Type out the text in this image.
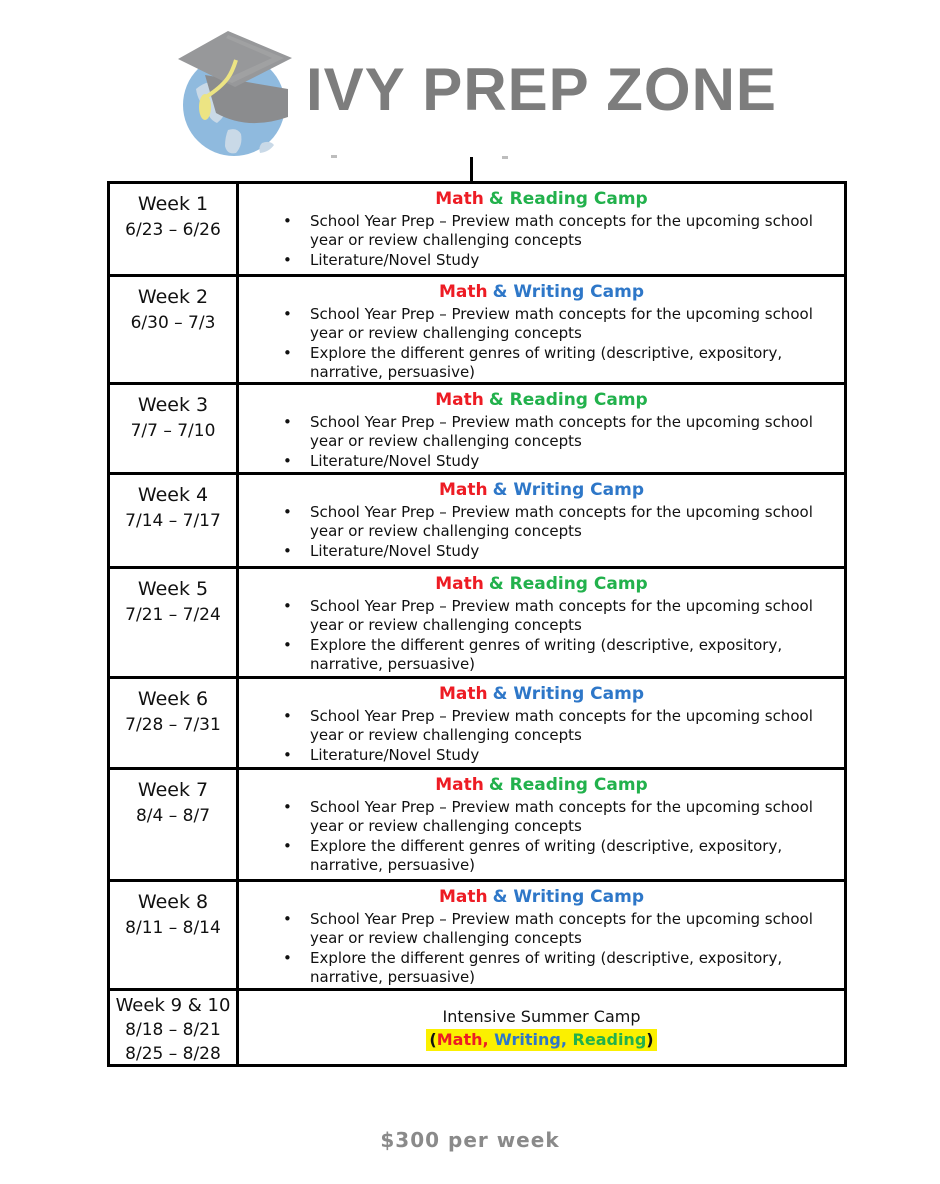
IVY PREP ZONE
Week 1
6/23 – 6/26
Math & Reading Camp
• School Year Prep – Preview math concepts for the upcoming school year or review challenging concepts
• Literature/Novel Study
Week 2
6/30 – 7/3
Math & Writing Camp
• School Year Prep – Preview math concepts for the upcoming school year or review challenging concepts
• Explore the different genres of writing (descriptive, expository, narrative, persuasive)
Week 3
7/7 – 7/10
Math & Reading Camp
• School Year Prep – Preview math concepts for the upcoming school year or review challenging concepts
• Literature/Novel Study
Week 4
7/14 – 7/17
Math & Writing Camp
• School Year Prep – Preview math concepts for the upcoming school year or review challenging concepts
• Literature/Novel Study
Week 5
7/21 – 7/24
Math & Reading Camp
• School Year Prep – Preview math concepts for the upcoming school year or review challenging concepts
• Explore the different genres of writing (descriptive, expository, narrative, persuasive)
Week 6
7/28 – 7/31
Math & Writing Camp
• School Year Prep – Preview math concepts for the upcoming school year or review challenging concepts
• Literature/Novel Study
Week 7
8/4 – 8/7
Math & Reading Camp
• School Year Prep – Preview math concepts for the upcoming school year or review challenging concepts
• Explore the different genres of writing (descriptive, expository, narrative, persuasive)
Week 8
8/11 – 8/14
Math & Writing Camp
• School Year Prep – Preview math concepts for the upcoming school year or review challenging concepts
• Explore the different genres of writing (descriptive, expository, narrative, persuasive)
Week 9 & 10
8/18 – 8/21
8/25 – 8/28
Intensive Summer Camp
(Math, Writing, Reading)
$300 per week
